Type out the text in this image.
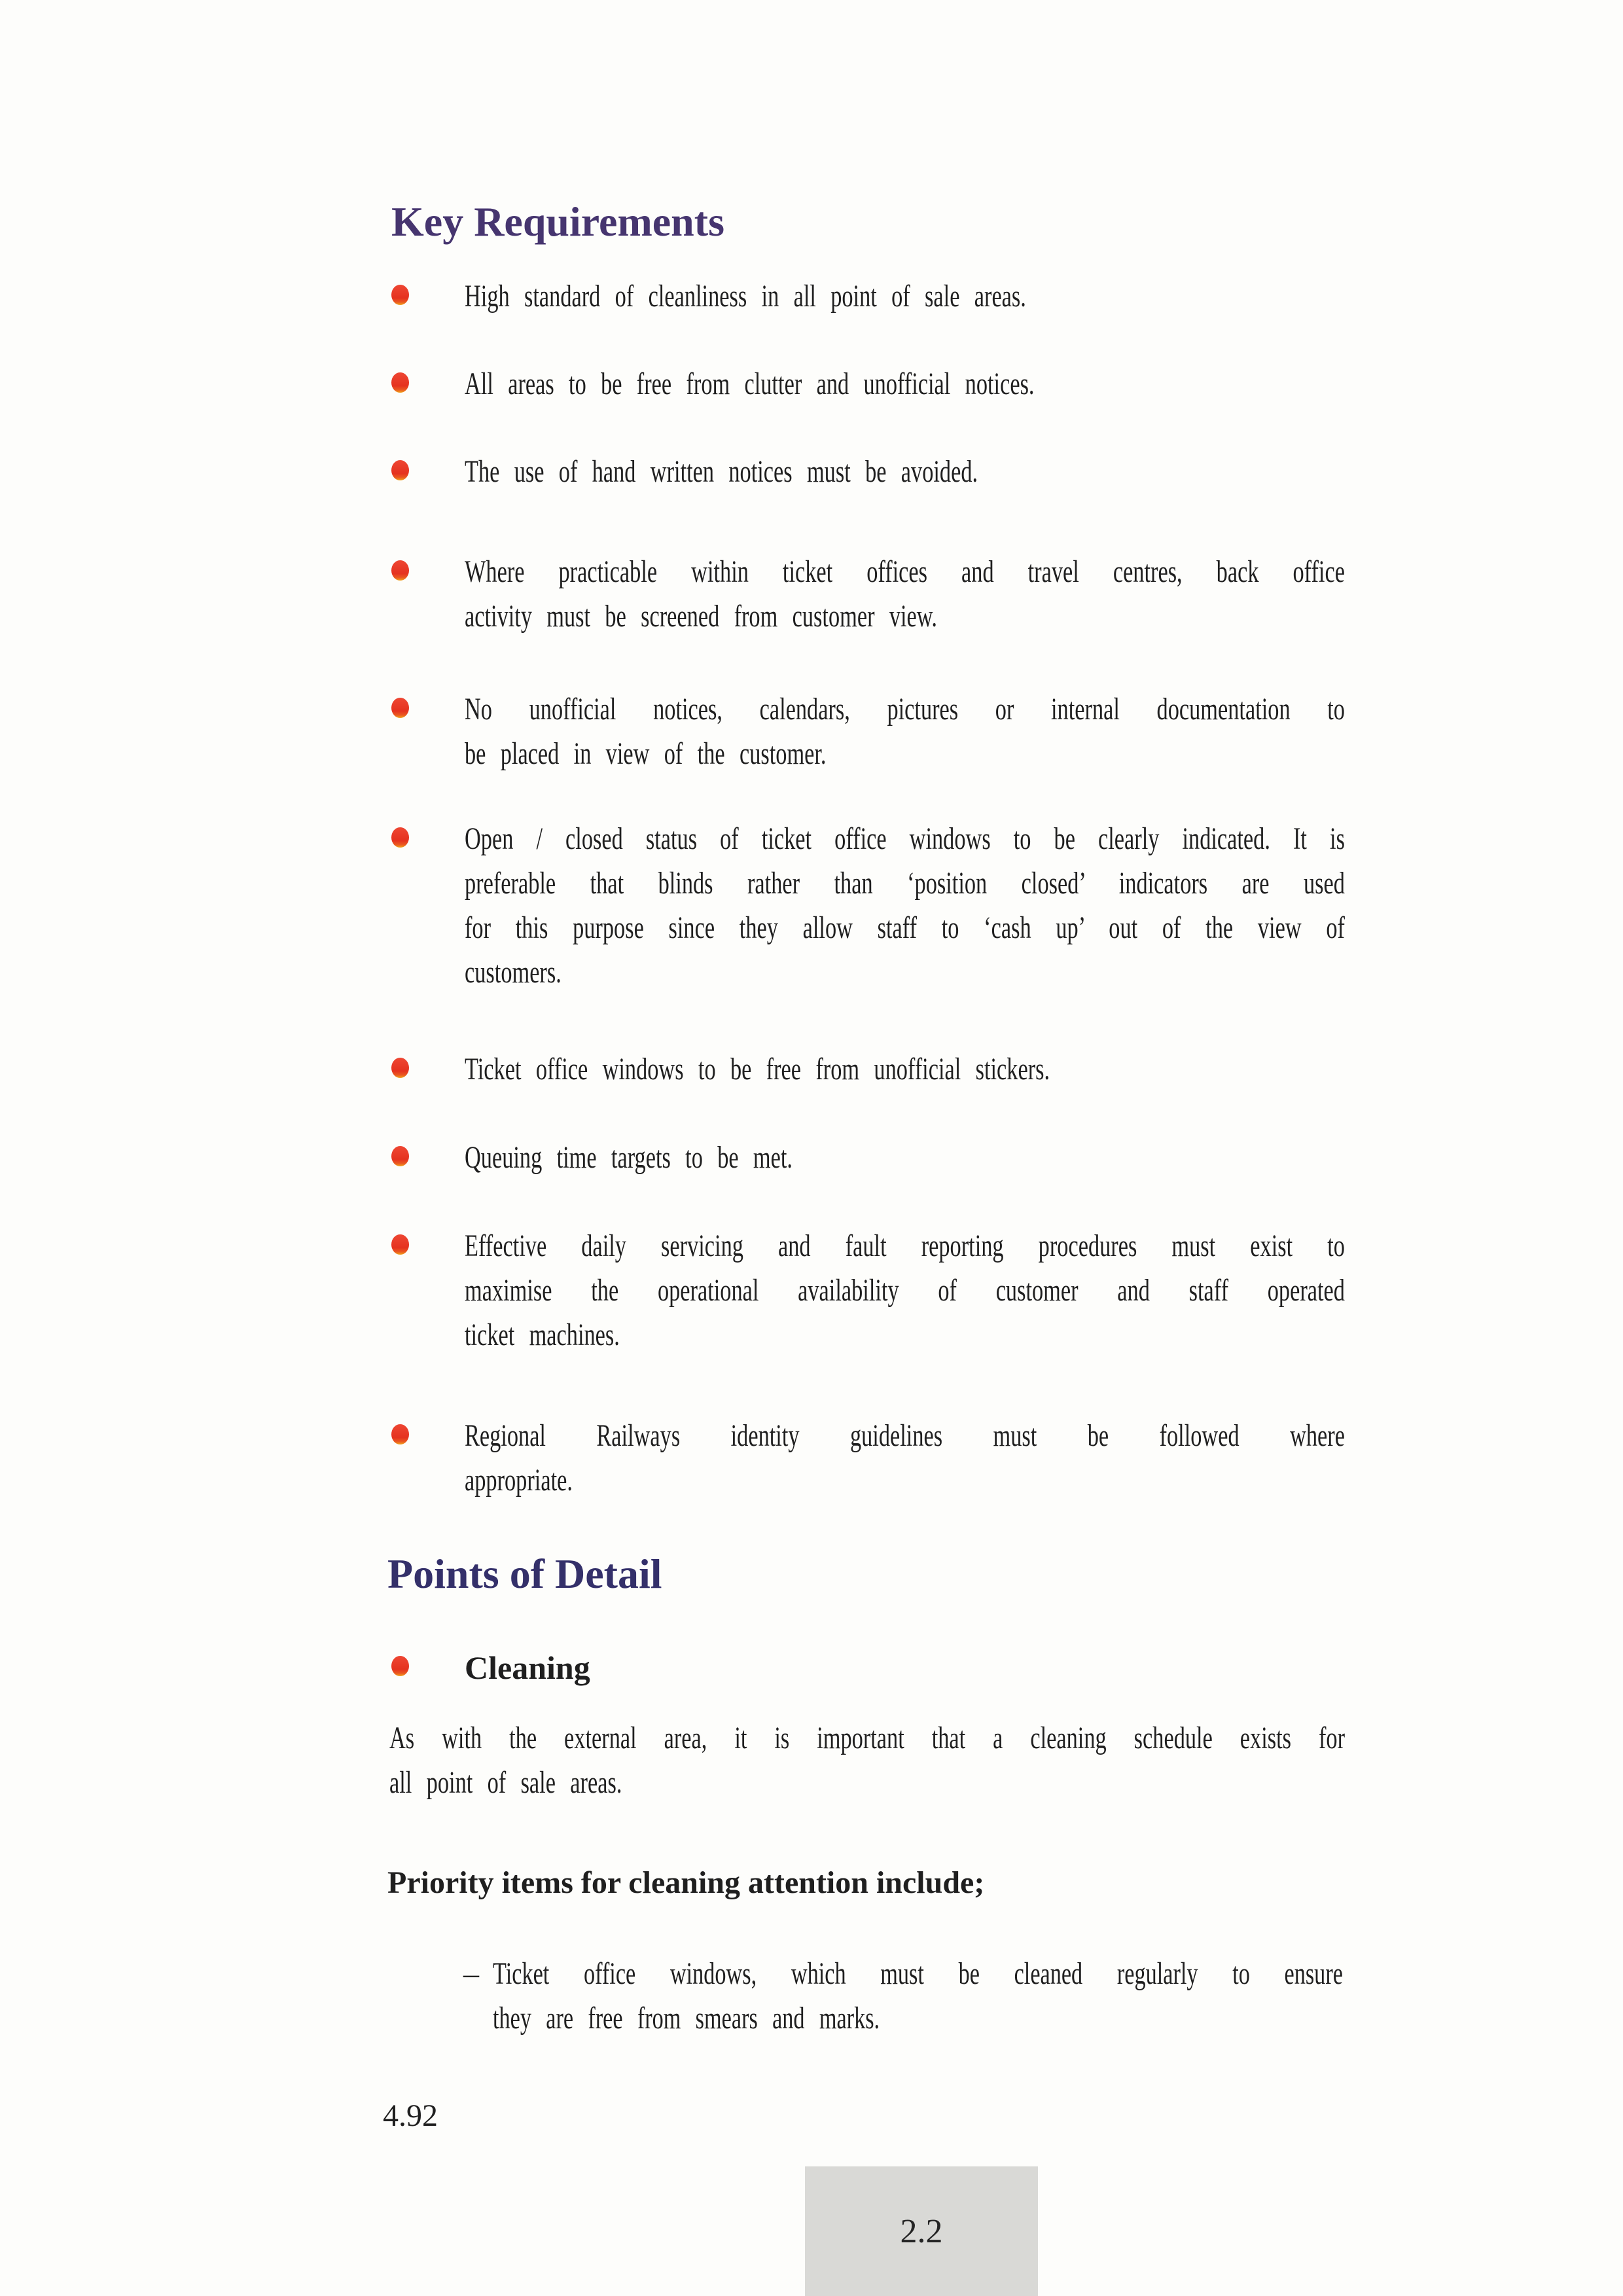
Key Requirements
High standard of cleanliness in all point of sale areas.
All areas to be free from clutter and unofficial notices.
The use of hand written notices must be avoided.
Where practicable within ticket offices and travel centres, back office
activity must be screened from customer view.
No unofficial notices, calendars, pictures or internal documentation to
be placed in view of the customer.
Open / closed status of ticket office windows to be clearly indicated. It is
preferable that blinds rather than ‘position closed’ indicators are used
for this purpose since they allow staff to ‘cash up’ out of the view of
customers.
Ticket office windows to be free from unofficial stickers.
Queuing time targets to be met.
Effective daily servicing and fault reporting procedures must exist to
maximise the operational availability of customer and staff operated
ticket machines.
Regional Railways identity guidelines must be followed where
appropriate.
Points of Detail
Cleaning
As with the external area, it is important that a cleaning schedule exists for
all point of sale areas.
Priority items for cleaning attention include;
– Ticket office windows, which must be cleaned regularly to ensure
they are free from smears and marks.
4.92
2.2
